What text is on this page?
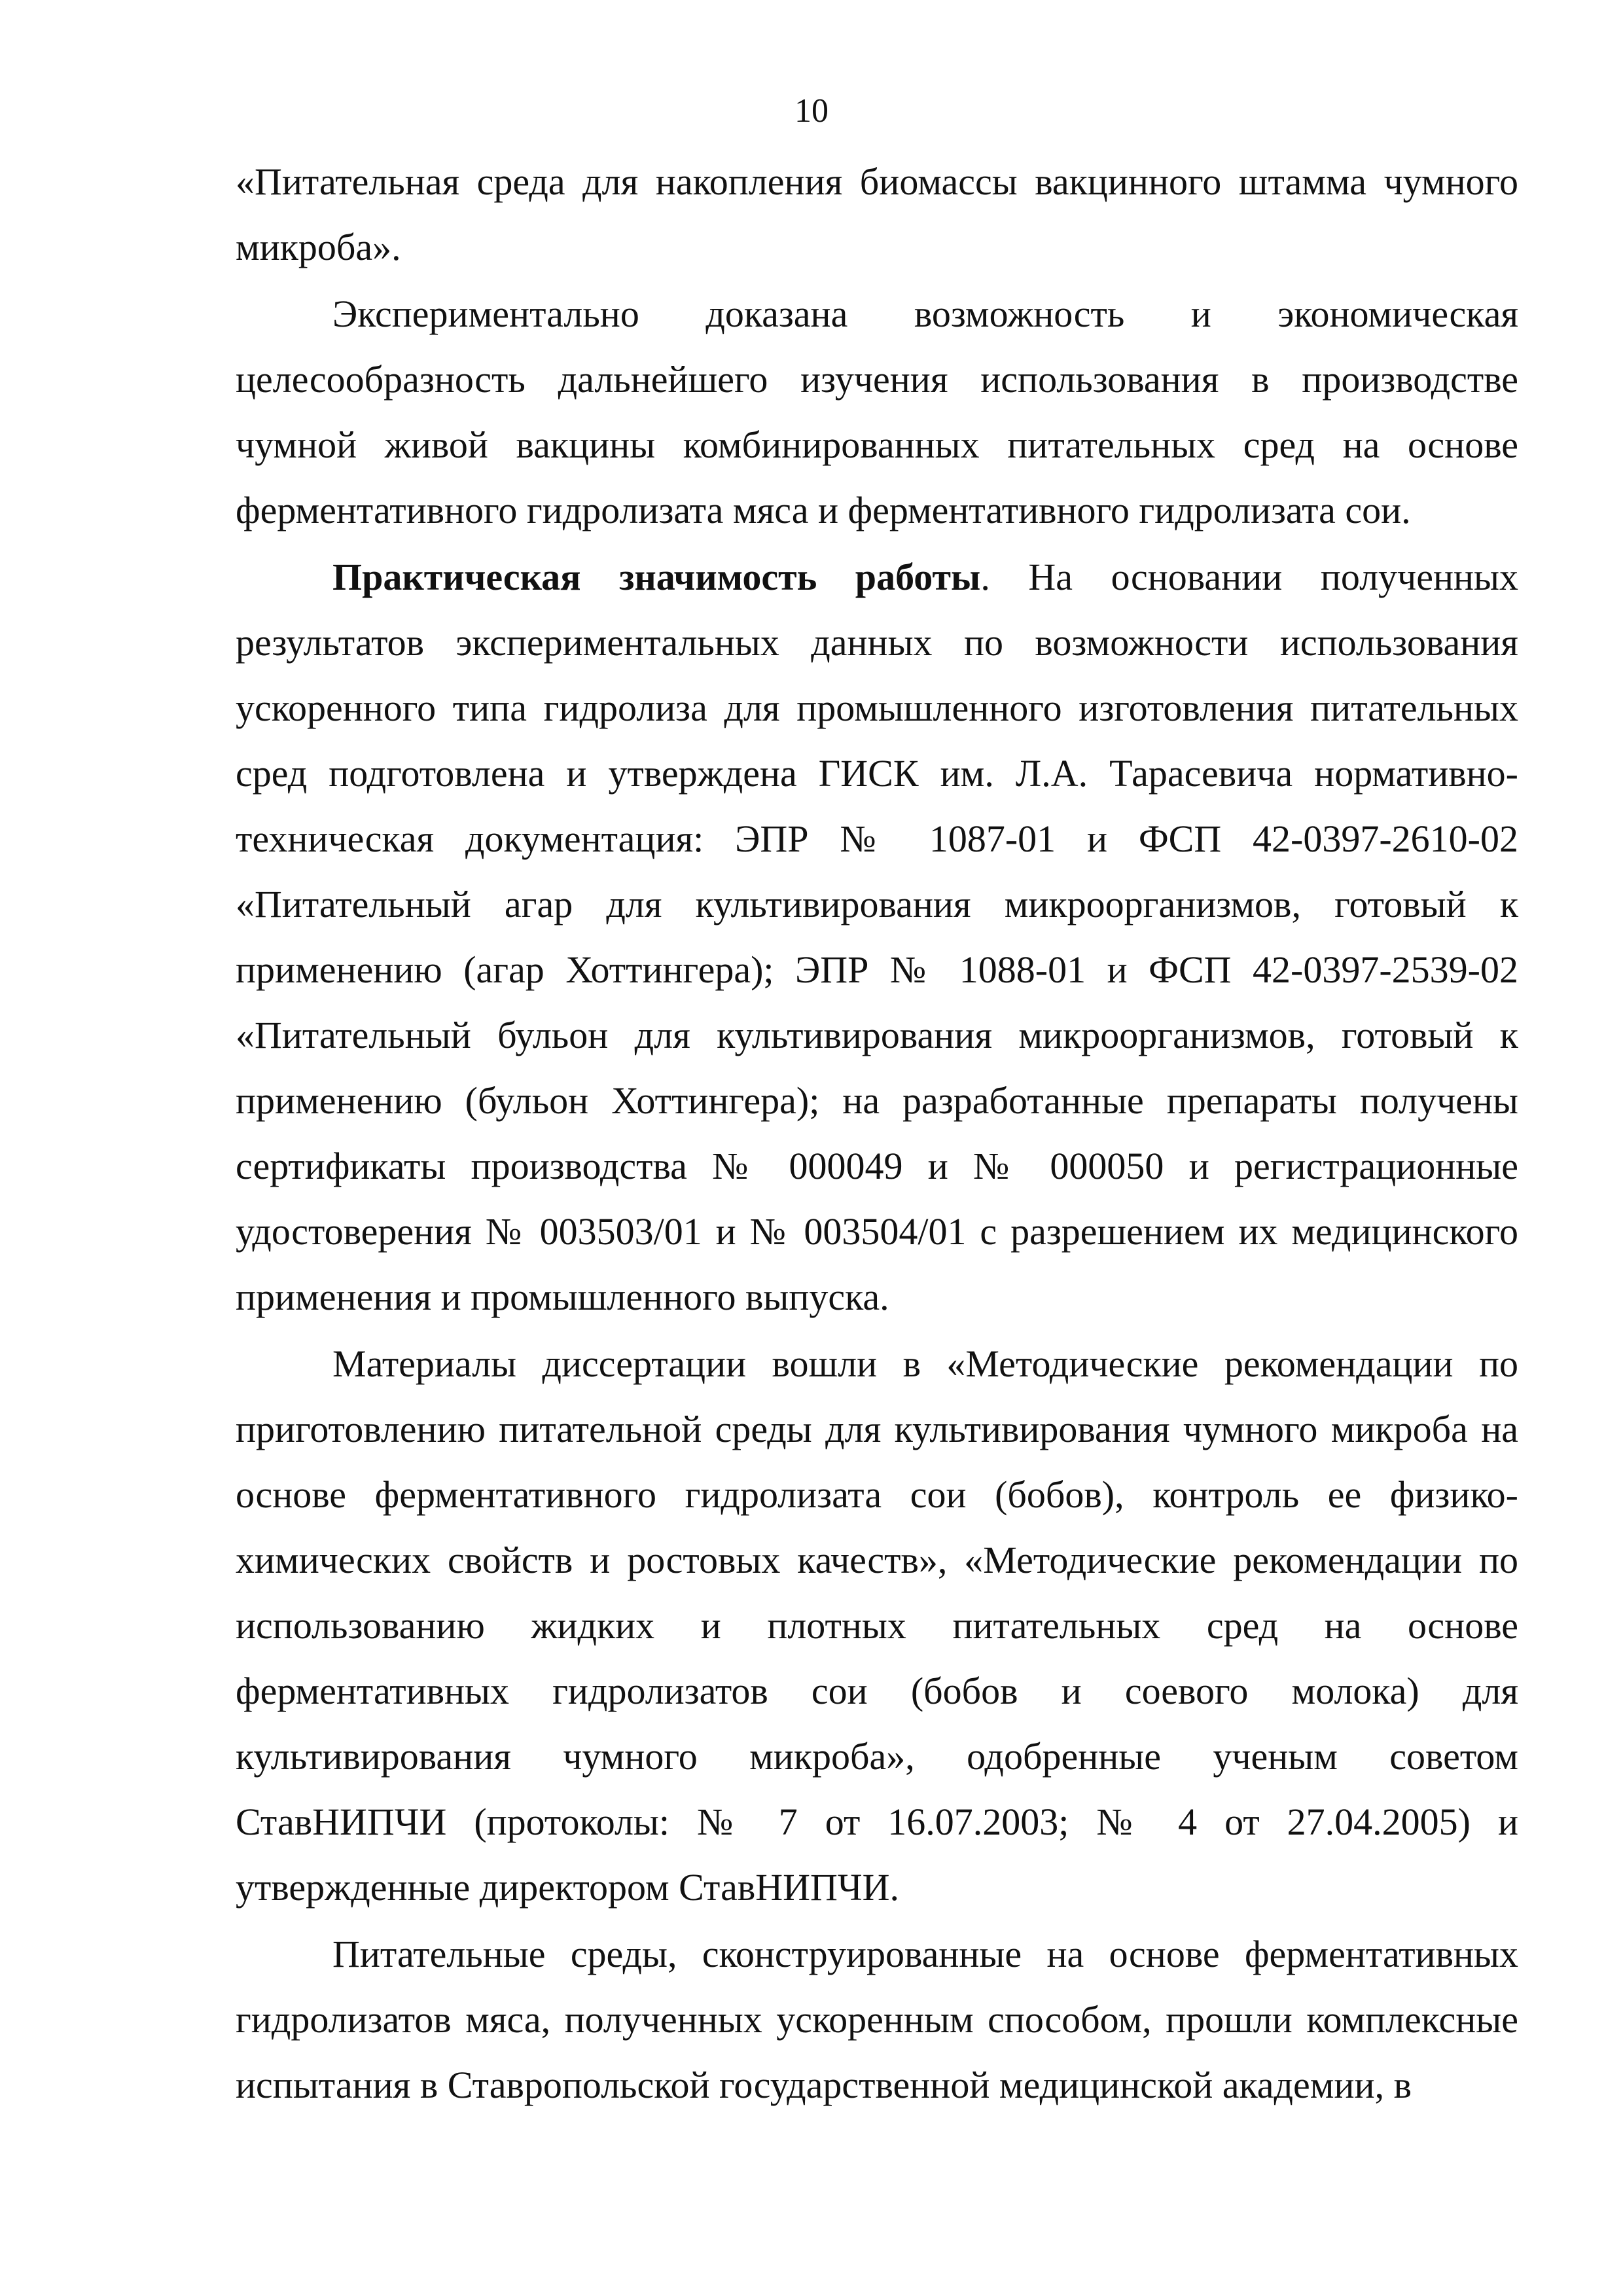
10

«Питательная среда для накопления биомассы вакцинного штамма чумного микроба».

Экспериментально доказана возможность и экономическая целесообразность дальнейшего изучения использования в производстве чумной живой вакцины комбинированных питательных сред на основе ферментативного гидролизата мяса и ферментативного гидролизата сои.

Практическая значимость работы. На основании полученных результатов экспериментальных данных по возможности использования ускоренного типа гидролиза для промышленного изготовления питательных сред подготовлена и утверждена ГИСК им. Л.А. Тарасевича нормативно-техническая документация: ЭПР № 1087-01 и ФСП 42-0397-2610-02 «Питательный агар для культивирования микроорганизмов, готовый к применению (агар Хоттингера); ЭПР № 1088-01 и ФСП 42-0397-2539-02 «Питательный бульон для культивирования микроорганизмов, готовый к применению (бульон Хоттингера); на разработанные препараты получены сертификаты производства № 000049 и № 000050 и регистрационные удостоверения № 003503/01 и № 003504/01 с разрешением их медицинского применения и промышленного выпуска.

Материалы диссертации вошли в «Методические рекомендации по приготовлению питательной среды для культивирования чумного микроба на основе ферментативного гидролизата сои (бобов), контроль ее физико-химических свойств и ростовых качеств», «Методические рекомендации по использованию жидких и плотных питательных сред на основе ферментативных гидролизатов сои (бобов и соевого молока) для культивирования чумного микроба», одобренные ученым советом СтавНИПЧИ (протоколы: № 7 от 16.07.2003; № 4 от 27.04.2005) и утвержденные директором СтавНИПЧИ.

Питательные среды, сконструированные на основе ферментативных гидролизатов мяса, полученных ускоренным способом, прошли комплексные испытания в Ставропольской государственной медицинской академии, в
